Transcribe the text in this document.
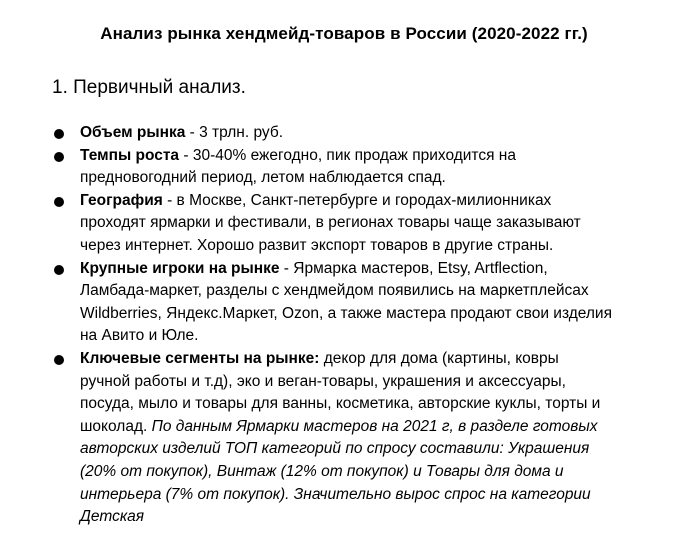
Анализ рынка хендмейд-товаров в России (2020-2022 гг.)
1. Первичный анализ.
Объем рынка - 3 трлн. руб.
Темпы роста - 30-40% ежегодно, пик продаж приходится на предновогодний период, летом наблюдается спад.
География - в Москве, Санкт-петербурге и городах-милионниках проходят ярмарки и фестивали, в регионах товары чаще заказывают через интернет. Хорошо развит экспорт товаров в другие страны.
Крупные игроки на рынке - Ярмарка мастеров, Etsy, Artflection, Ламбада-маркет, разделы с хендмейдом появились на маркетплейсах Wildberries, Яндекс.Маркет, Ozon, а также мастера продают свои изделия на Авито и Юле.
Ключевые сегменты на рынке: декор для дома (картины, ковры ручной работы и т.д), эко и веган-товары, украшения и аксессуары, посуда, мыло и товары для ванны, косметика, авторские куклы, торты и шоколад. По данным Ярмарки мастеров на 2021 г, в разделе готовых авторских изделий ТОП категорий по спросу составили: Украшения (20% от покупок), Винтаж (12% от покупок) и Товары для дома и интерьера (7% от покупок). Значительно вырос спрос на категории Детская
